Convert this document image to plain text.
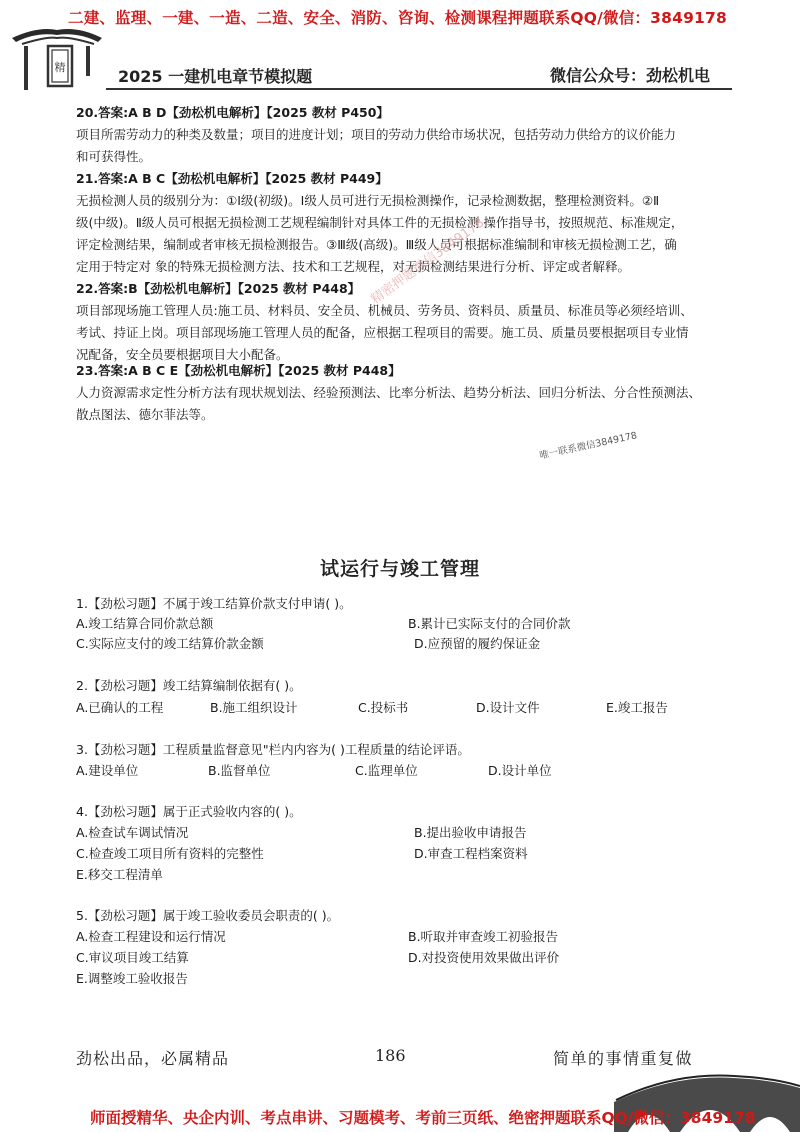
二建、监理、一建、一造、二造、安全、消防、咨询、检测课程押题联系QQ/微信：3849178
精	2025 一建机电章节模拟题	微信公众号：劲松机电

20.答案:A B D【劲松机电解析】【2025 教材 P450】

项目所需劳动力的种类及数量；项目的进度计划；项目的劳动力供给市场状况，包括劳动力供给方的议价能力

和可获得性。

21.答案:A B C【劲松机电解析】【2025 教材 P449】

无损检测人员的级别分为：①Ⅰ级(初级)。Ⅰ级人员可进行无损检测操作，记录检测数据，整理检测资料。②Ⅱ

级(中级)。Ⅱ级人员可根据无损检测工艺规程编制针对具体工件的无损检测 操作指导书，按照规范、标准规定，

评定检测结果，编制或者审核无损检测报告。③Ⅲ级(高级)。Ⅲ级人员可根据标准编制和审核无损检测工艺，确

定用于特定对 象的特殊无损检测方法、技术和工艺规程，对无损检测结果进行分析、评定或者解释。

22.答案:B【劲松机电解析】【2025 教材 P448】

项目部现场施工管理人员:施工员、材料员、安全员、机械员、劳务员、资料员、质量员、标准员等必须经培训、

考试、持证上岗。项目部现场施工管理人员的配备，应根据工程项目的需要。施工员、质量员要根据项目专业情

况配备，安全员要根据项目大小配备。

23.答案:A B C E【劲松机电解析】【2025 教材 P448】

人力资源需求定性分析方法有现状规划法、经验预测法、比率分析法、趋势分析法、回归分析法、分合性预测法、

散点图法、德尔菲法等。

精密押题微信3849178
唯一联系微信3849178
试运行与竣工管理
1.【劲松习题】不属于竣工结算价款支付申请( )。
A.竣工结算合同价款总额	B.累计已实际支付的合同价款
C.实际应支付的竣工结算价款金额	D.应预留的履约保证金
2.【劲松习题】竣工结算编制依据有( )。
A.已确认的工程	B.施工组织设计	C.投标书	D.设计文件	E.竣工报告
3.【劲松习题】工程质量监督意见"栏内内容为( )工程质量的结论评语。
A.建设单位	B.监督单位	C.监理单位	D.设计单位
4.【劲松习题】属于正式验收内容的( )。
A.检查试车调试情况	B.提出验收申请报告
C.检查竣工项目所有资料的完整性	D.审查工程档案资料
E.移交工程清单
5.【劲松习题】属于竣工验收委员会职责的( )。
A.检查工程建设和运行情况	B.听取并审查竣工初验报告
C.审议项目竣工结算	D.对投资使用效果做出评价
E.调整竣工验收报告
劲松出品，必属精品	186	简单的事情重复做
师面授精华、央企内训、考点串讲、习题模考、考前三页纸、绝密押题联系QQ/微信：3849178
